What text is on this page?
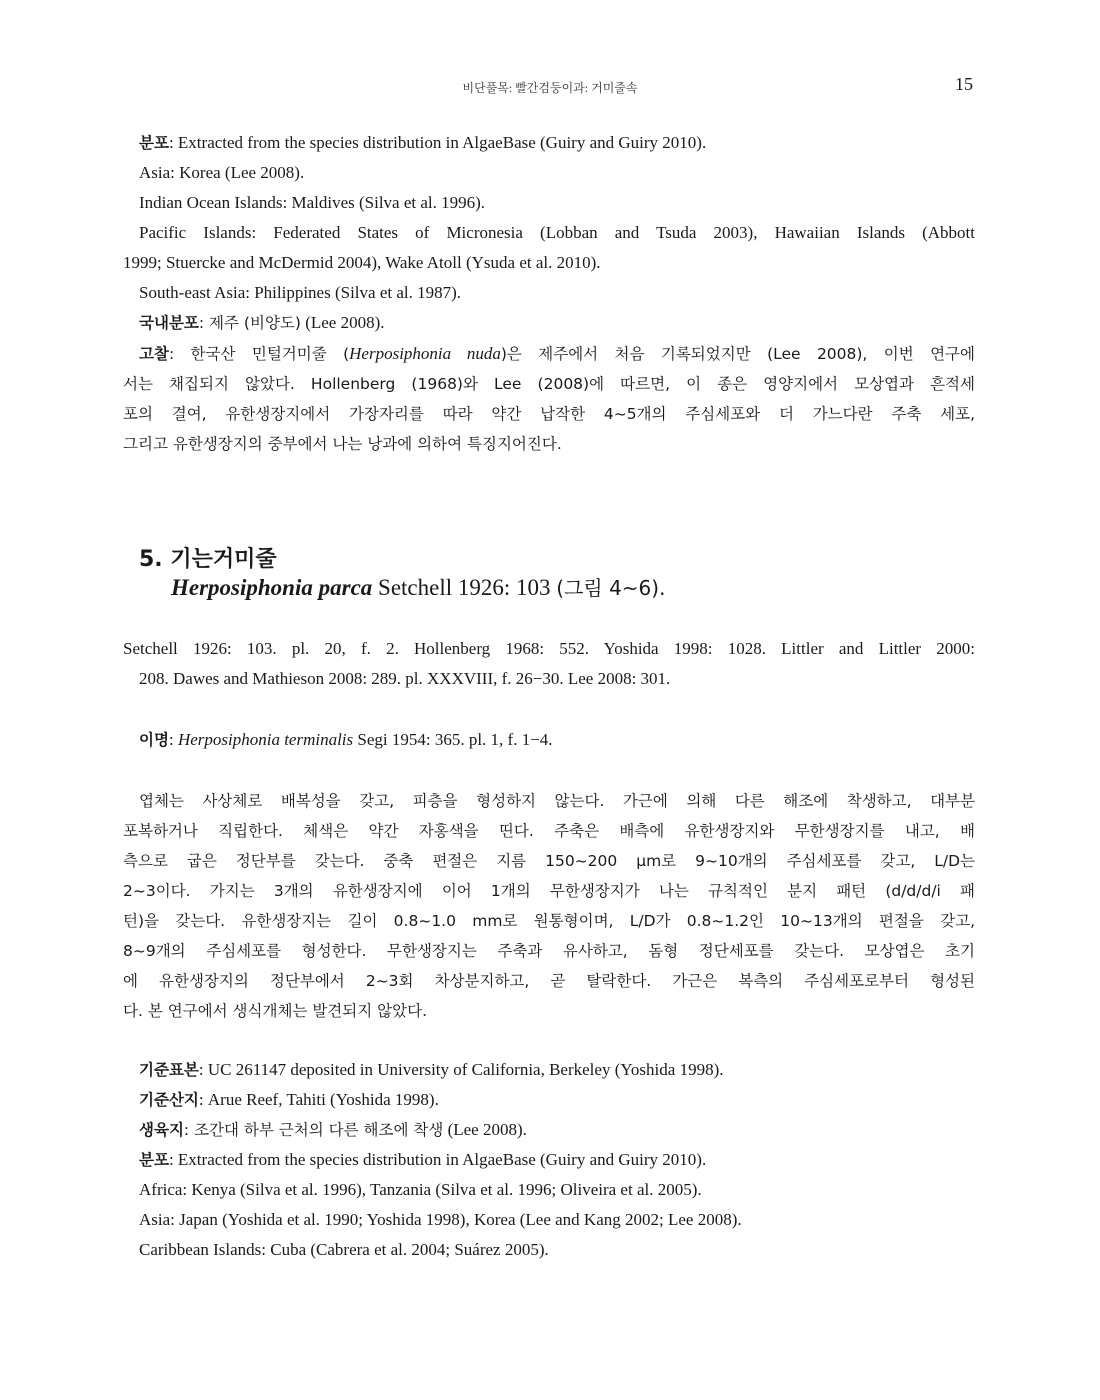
비단풀목: 빨간검둥이과: 거미줄속	15
분포: Extracted from the species distribution in AlgaeBase (Guiry and Guiry 2010).
Asia: Korea (Lee 2008).
Indian Ocean Islands: Maldives (Silva et al. 1996).
Pacific Islands: Federated States of Micronesia (Lobban and Tsuda 2003), Hawaiian Islands (Abbott
1999; Stuercke and McDermid 2004), Wake Atoll (Ysuda et al. 2010).
South-east Asia: Philippines (Silva et al. 1987).
국내분포: 제주 (비양도) (Lee 2008).
고찰: 한국산 민털거미줄 (Herposiphonia nuda)은 제주에서 처음 기록되었지만 (Lee 2008), 이번 연구에
서는 채집되지 않았다. Hollenberg (1968)와 Lee (2008)에 따르면, 이 종은 영양지에서 모상엽과 흔적세
포의 결여, 유한생장지에서 가장자리를 따라 약간 납작한 4~5개의 주심세포와 더 가느다란 주축 세포,
그리고 유한생장지의 중부에서 나는 낭과에 의하여 특징지어진다.
5. 기는거미줄
Herposiphonia parca Setchell 1926: 103 (그림 4~6).
Setchell 1926: 103. pl. 20, f. 2. Hollenberg 1968: 552. Yoshida 1998: 1028. Littler and Littler 2000:
208. Dawes and Mathieson 2008: 289. pl. XXXVIII, f. 26−30. Lee 2008: 301.
이명: Herposiphonia terminalis Segi 1954: 365. pl. 1, f. 1−4.
엽체는 사상체로 배복성을 갖고, 피층을 형성하지 않는다. 가근에 의해 다른 해조에 착생하고, 대부분
포복하거나 직립한다. 체색은 약간 자홍색을 띤다. 주축은 배측에 유한생장지와 무한생장지를 내고, 배
측으로 굽은 정단부를 갖는다. 중축 편절은 지름 150~200 μm로 9~10개의 주심세포를 갖고, L/D는
2~3이다. 가지는 3개의 유한생장지에 이어 1개의 무한생장지가 나는 규칙적인 분지 패턴 (d/d/d/i 패
턴)을 갖는다. 유한생장지는 길이 0.8~1.0 mm로 원통형이며, L/D가 0.8~1.2인 10~13개의 편절을 갖고,
8~9개의 주심세포를 형성한다. 무한생장지는 주축과 유사하고, 돔형 정단세포를 갖는다. 모상엽은 초기
에 유한생장지의 정단부에서 2~3회 차상분지하고, 곧 탈락한다. 가근은 복측의 주심세포로부터 형성된
다. 본 연구에서 생식개체는 발견되지 않았다.
기준표본: UC 261147 deposited in University of California, Berkeley (Yoshida 1998).
기준산지: Arue Reef, Tahiti (Yoshida 1998).
생육지: 조간대 하부 근처의 다른 해조에 착생 (Lee 2008).
분포: Extracted from the species distribution in AlgaeBase (Guiry and Guiry 2010).
Africa: Kenya (Silva et al. 1996), Tanzania (Silva et al. 1996; Oliveira et al. 2005).
Asia: Japan (Yoshida et al. 1990; Yoshida 1998), Korea (Lee and Kang 2002; Lee 2008).
Caribbean Islands: Cuba (Cabrera et al. 2004; Suárez 2005).
